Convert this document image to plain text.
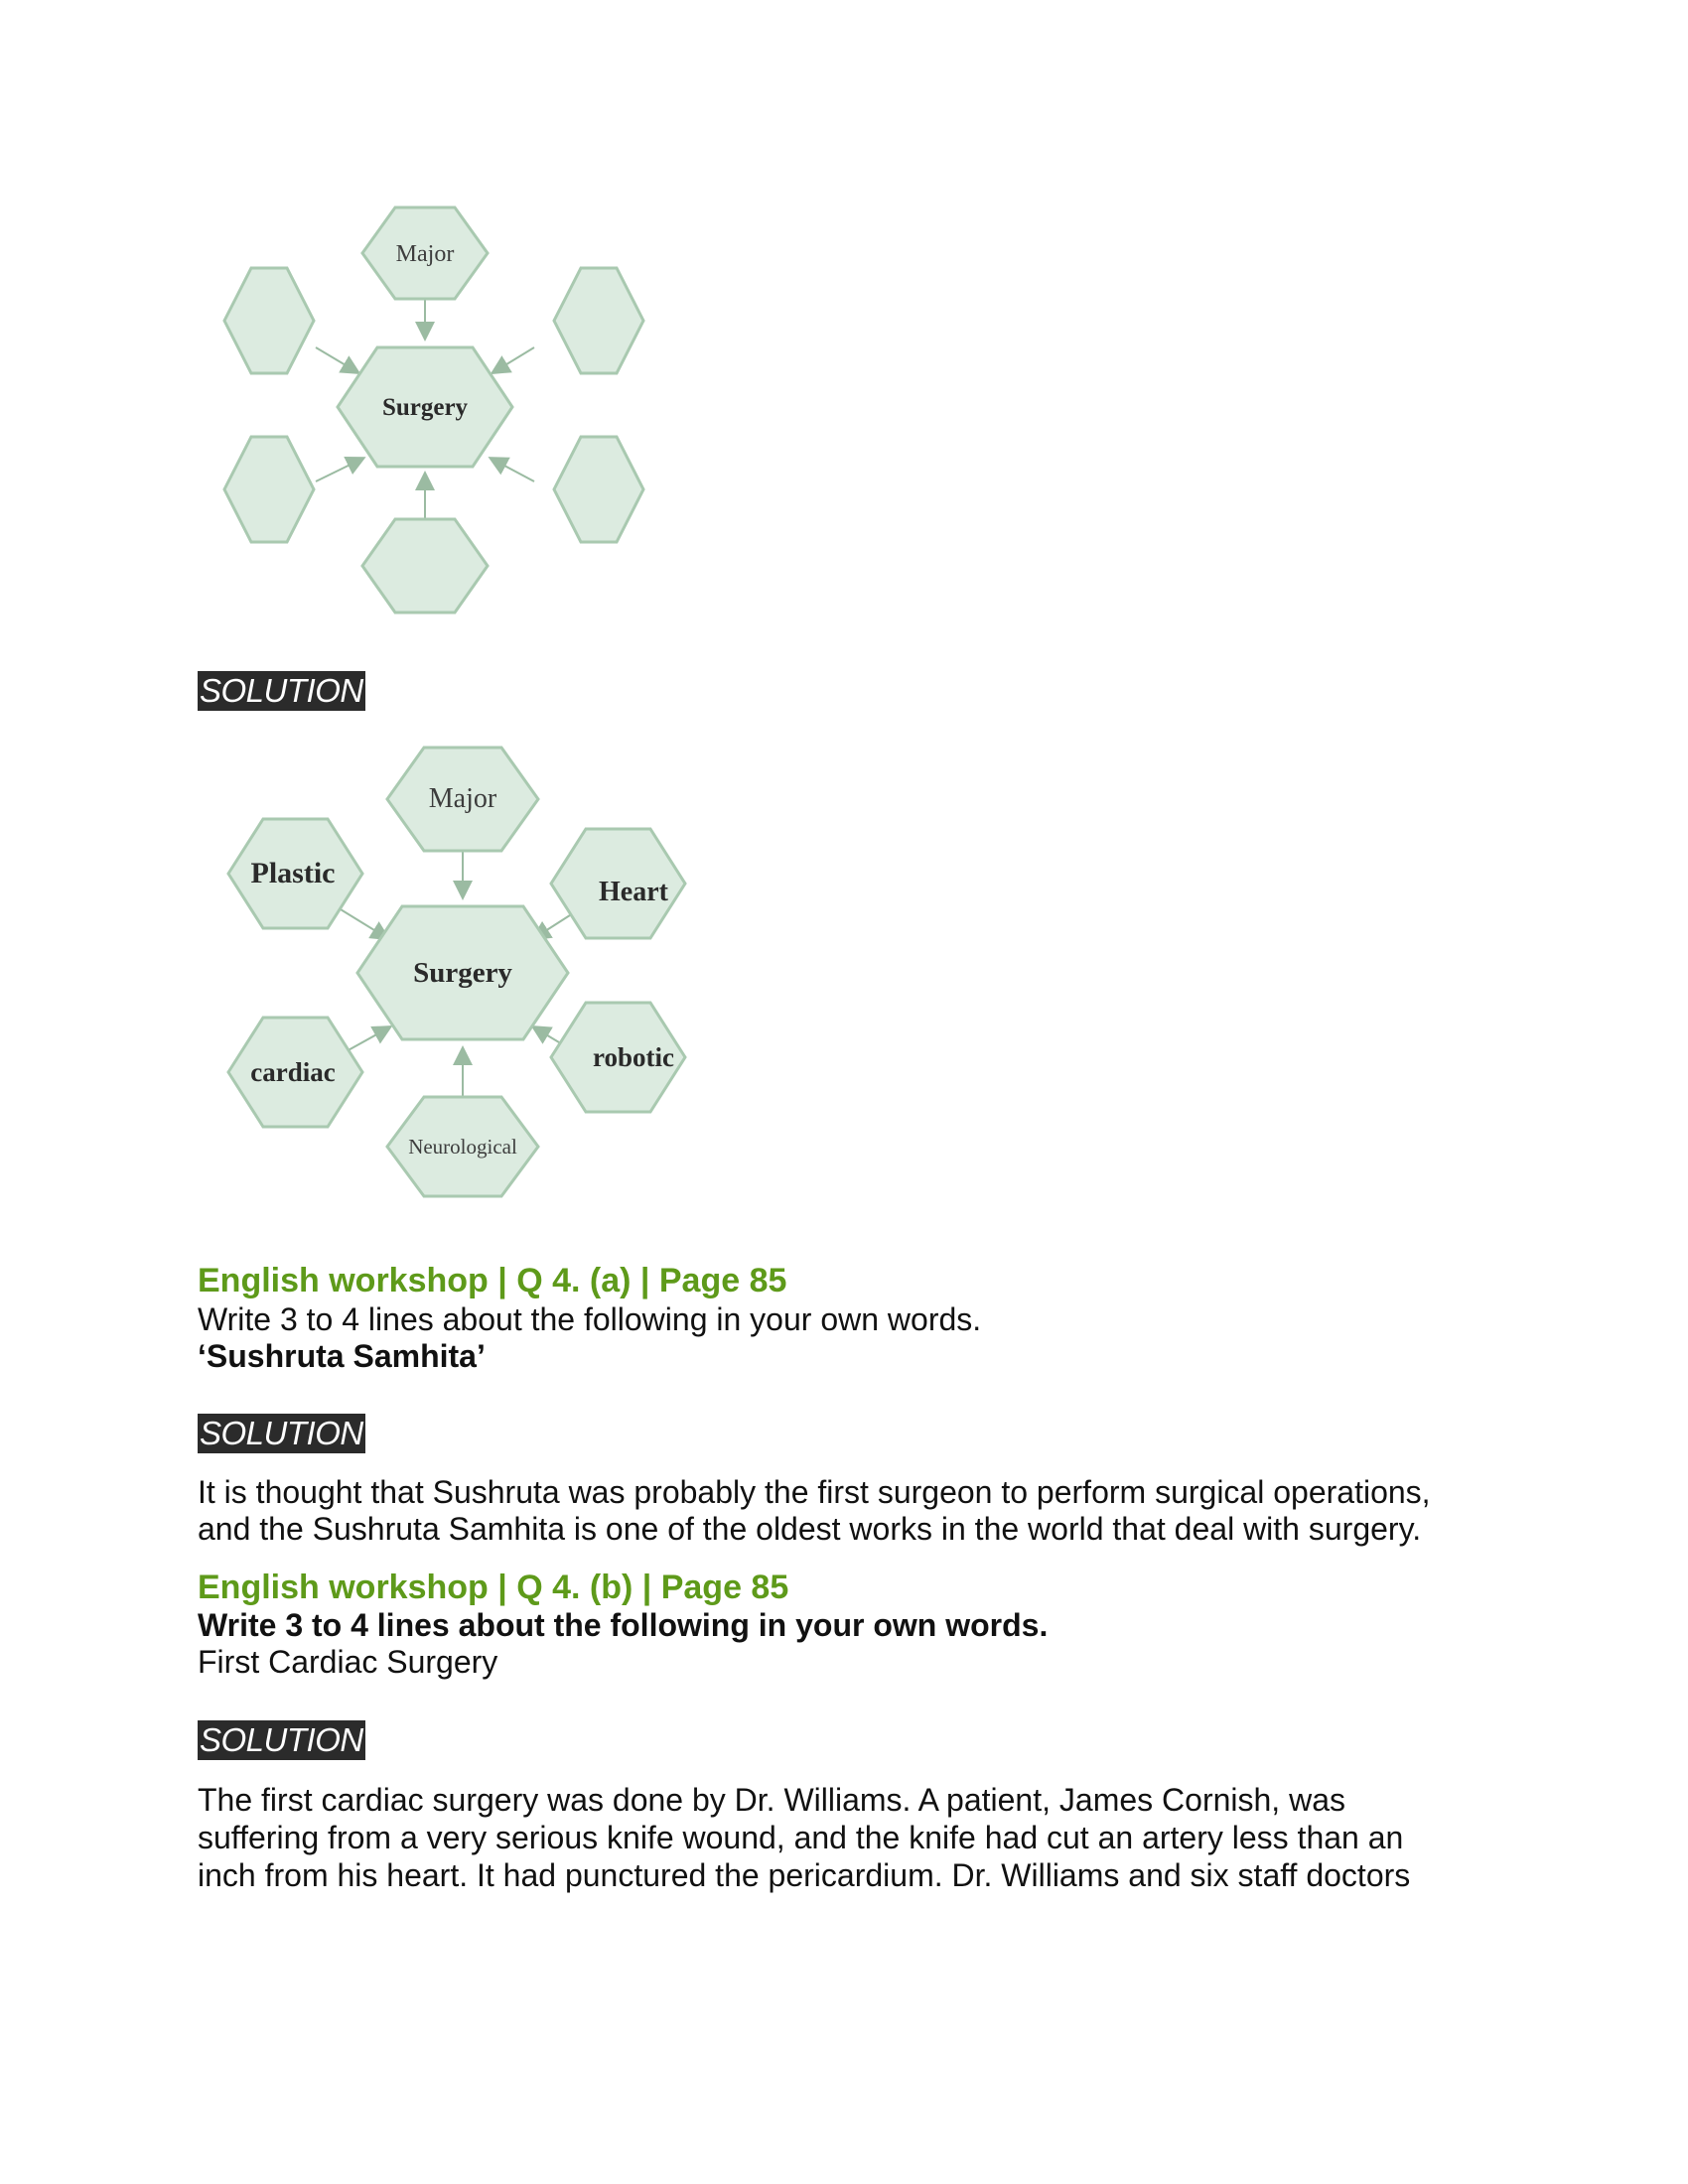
Major
Surgery
SOLUTION
Major
Plastic
Heart
Surgery
cardiac	robotic
Neurological
English workshop | Q 4. (a) | Page 85
Write 3 to 4 lines about the following in your own words.
‘Sushruta Samhita’
SOLUTION
It is thought that Sushruta was probably the first surgeon to perform surgical operations,
and the Sushruta Samhita is one of the oldest works in the world that deal with surgery.
English workshop | Q 4. (b) | Page 85
Write 3 to 4 lines about the following in your own words.
First Cardiac Surgery
SOLUTION
The first cardiac surgery was done by Dr. Williams. A patient, James Cornish, was
suffering from a very serious knife wound, and the knife had cut an artery less than an
inch from his heart. It had punctured the pericardium. Dr. Williams and six staff doctors
